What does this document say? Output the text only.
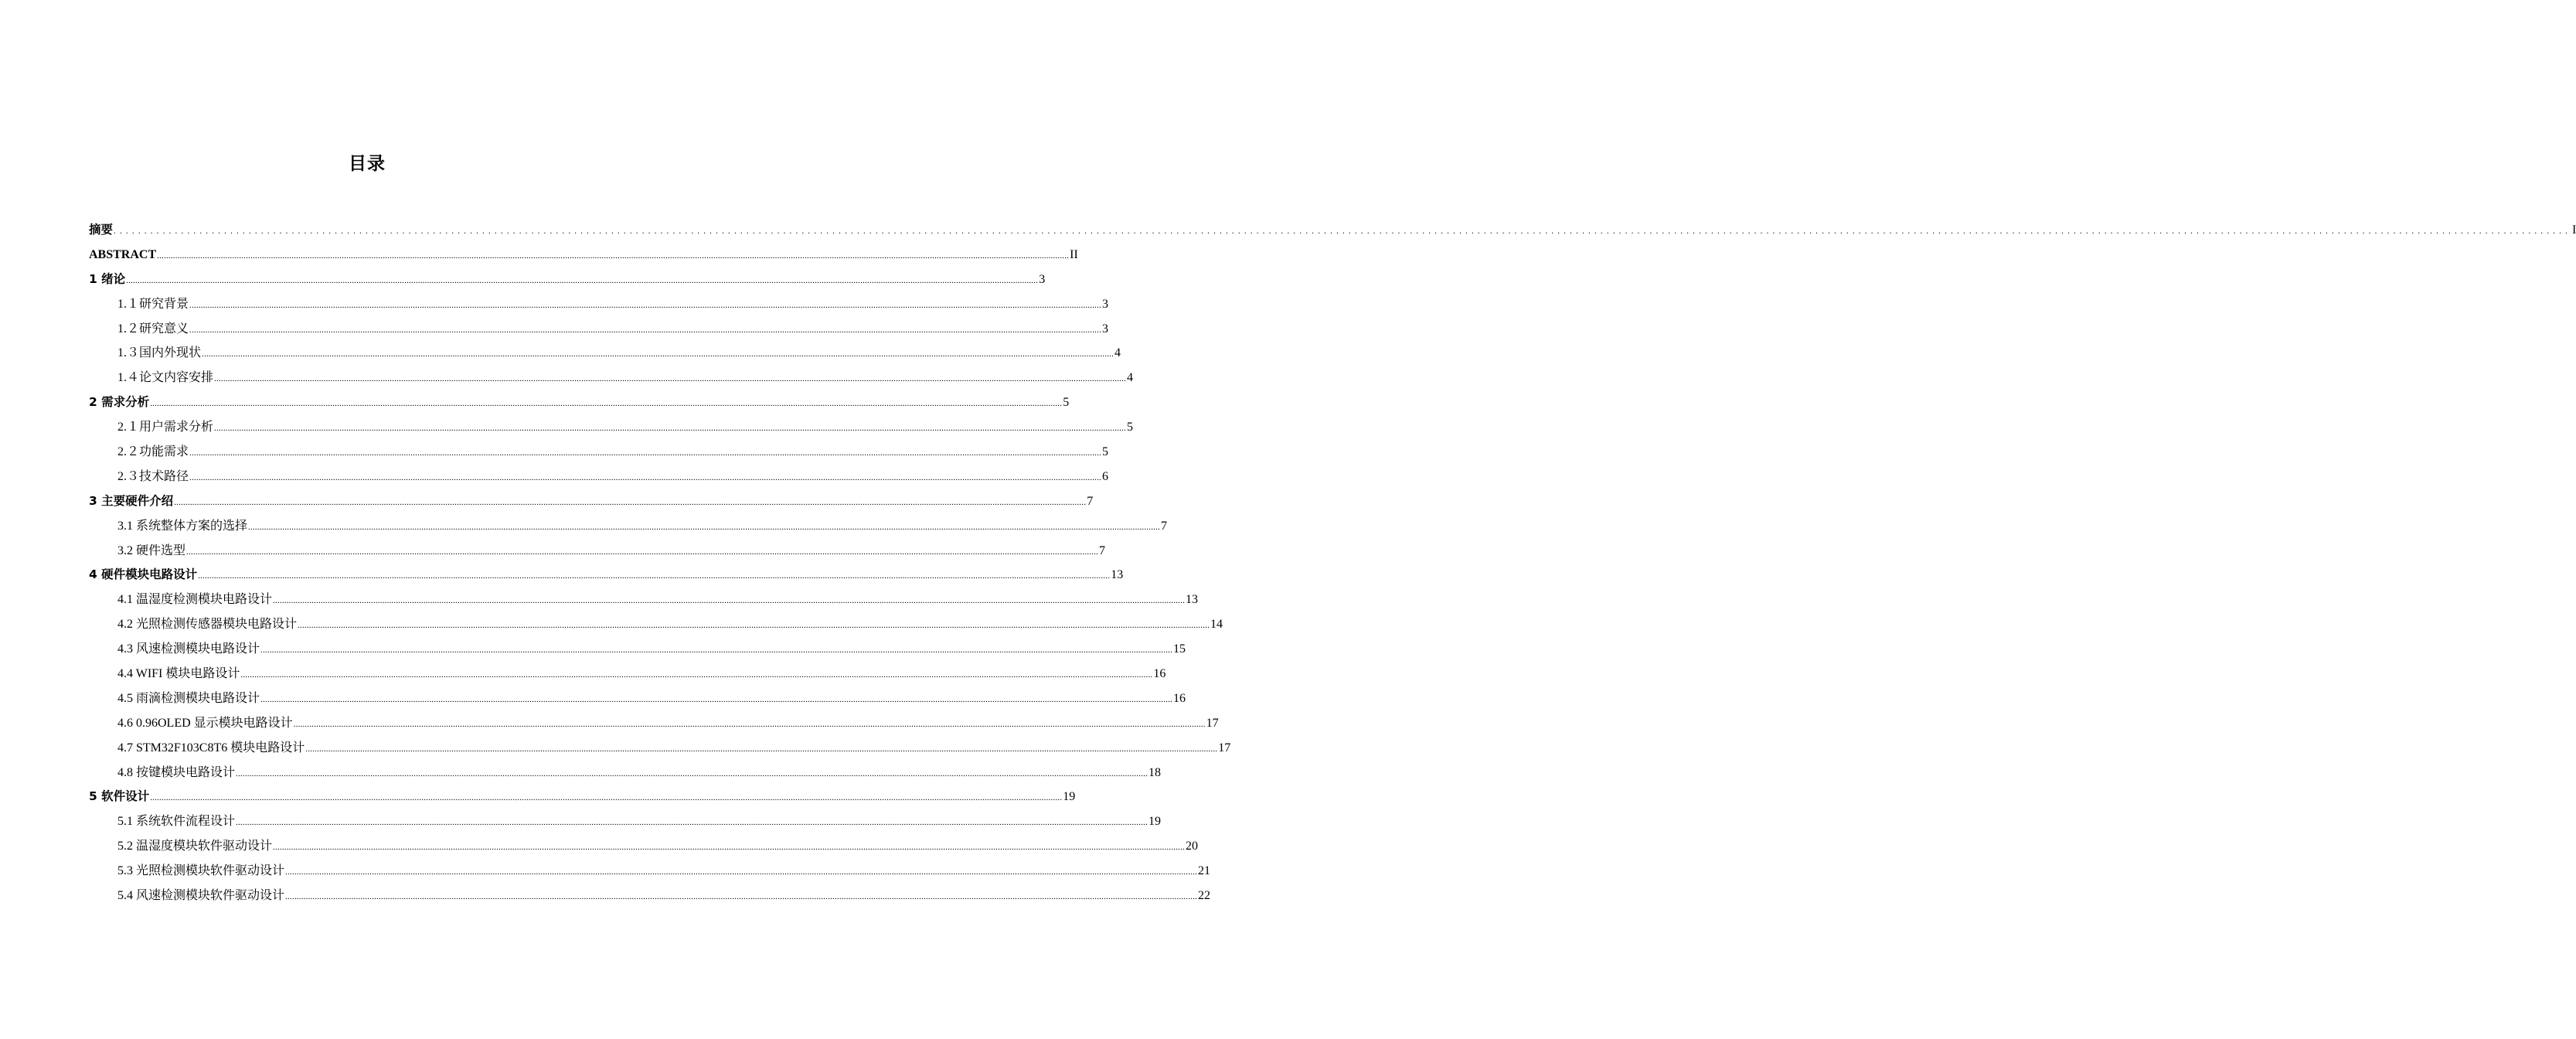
目录
摘要 ................................................................................................................................................................................................................................................................................................................................................................................................................ I
ABSTRACT ................................................................................................................................................................................................................................................................................................................................................................................................................ II
1 绪论 ................................................................................................................................................................................................................................................................................................................................................................................................................ 3
1.１研究背景 ................................................................................................................................................................................................................................................................................................................................................................................................................ 3
1.２研究意义 ................................................................................................................................................................................................................................................................................................................................................................................................................ 3
1.３国内外现状 ................................................................................................................................................................................................................................................................................................................................................................................................................ 4
1.４论文内容安排 ................................................................................................................................................................................................................................................................................................................................................................................................................ 4
2 需求分析 ................................................................................................................................................................................................................................................................................................................................................................................................................ 5
2.１用户需求分析 ................................................................................................................................................................................................................................................................................................................................................................................................................ 5
2.２功能需求 ................................................................................................................................................................................................................................................................................................................................................................................................................ 5
2.３技术路径 ................................................................................................................................................................................................................................................................................................................................................................................................................ 6
3 主要硬件介绍 ................................................................................................................................................................................................................................................................................................................................................................................................................ 7
3.1 系统整体方案的选择 ................................................................................................................................................................................................................................................................................................................................................................................................................ 7
3.2 硬件选型 ................................................................................................................................................................................................................................................................................................................................................................................................................ 7
4 硬件模块电路设计 ................................................................................................................................................................................................................................................................................................................................................................................................................ 13
4.1 温湿度检测模块电路设计 ................................................................................................................................................................................................................................................................................................................................................................................................................ 13
4.2 光照检测传感器模块电路设计 ................................................................................................................................................................................................................................................................................................................................................................................................................ 14
4.3 风速检测模块电路设计 ................................................................................................................................................................................................................................................................................................................................................................................................................ 15
4.4 WIFI 模块电路设计 ................................................................................................................................................................................................................................................................................................................................................................................................................ 16
4.5 雨滴检测模块电路设计 ................................................................................................................................................................................................................................................................................................................................................................................................................ 16
4.6 0.96OLED 显示模块电路设计 ................................................................................................................................................................................................................................................................................................................................................................................................................ 17
4.7 STM32F103C8T6 模块电路设计 ................................................................................................................................................................................................................................................................................................................................................................................................................ 17
4.8 按键模块电路设计 ................................................................................................................................................................................................................................................................................................................................................................................................................ 18
5 软件设计 ................................................................................................................................................................................................................................................................................................................................................................................................................ 19
5.1 系统软件流程设计 ................................................................................................................................................................................................................................................................................................................................................................................................................ 19
5.2 温湿度模块软件驱动设计 ................................................................................................................................................................................................................................................................................................................................................................................................................ 20
5.3 光照检测模块软件驱动设计 ................................................................................................................................................................................................................................................................................................................................................................................................................ 21
5.4 风速检测模块软件驱动设计 ................................................................................................................................................................................................................................................................................................................................................................................................................ 22
